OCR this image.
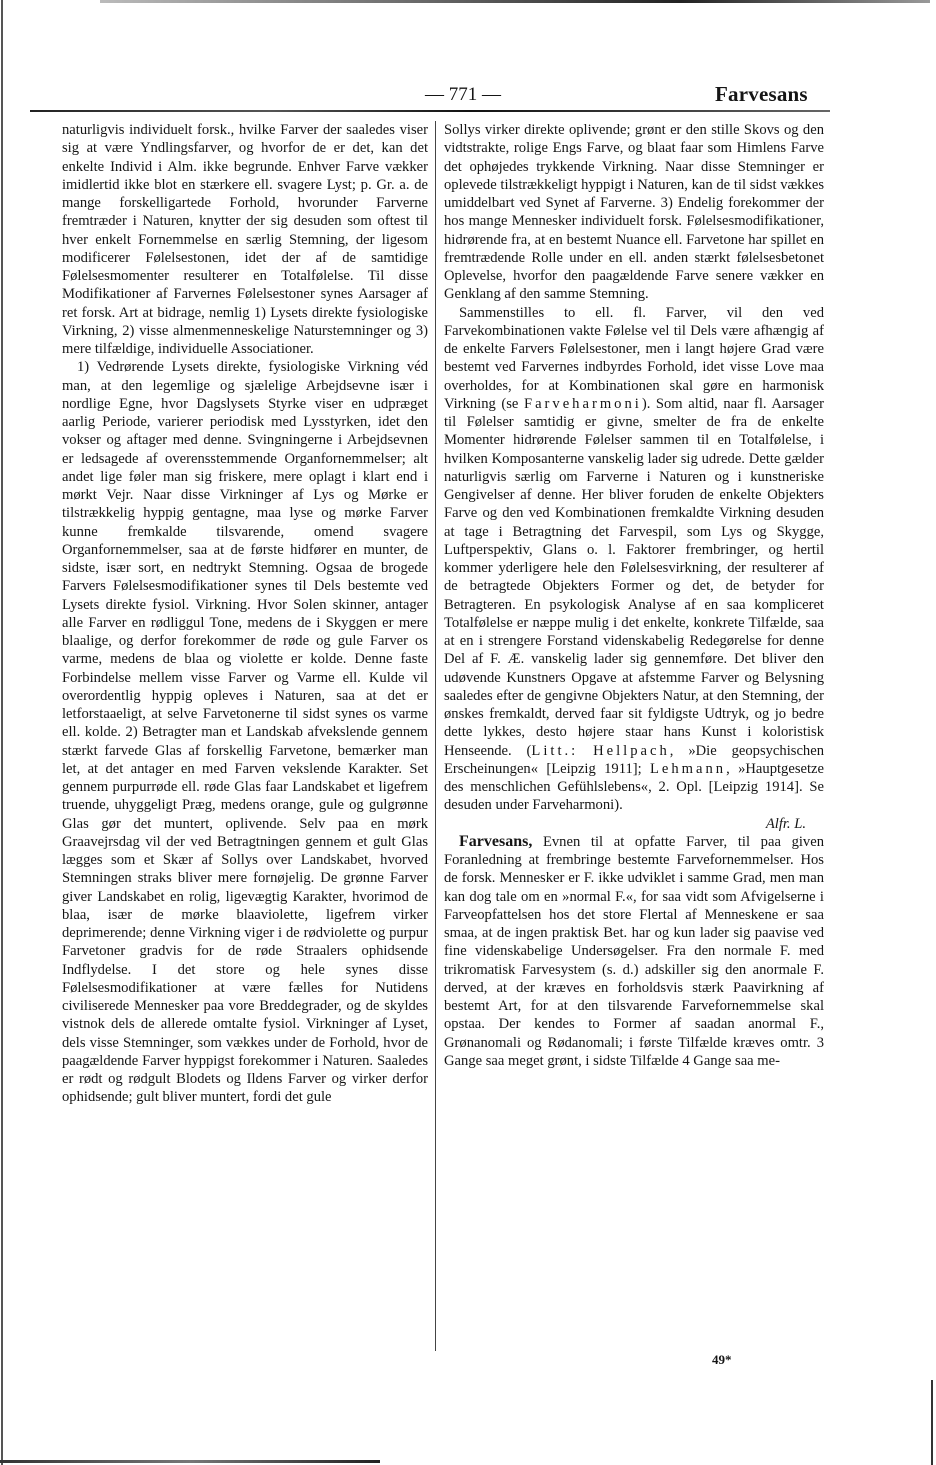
— 771 —	Farvesans

naturligvis individuelt forsk., hvilke Farver der saaledes viser sig at være Yndlingsfarver, og hvorfor de er det, kan det enkelte Individ i Alm. ikke begrunde. Enhver Farve vækker imidlertid ikke blot en stærkere ell. svagere Lyst; p. Gr. a. de mange forskelligartede Forhold, hvorunder Farverne fremtræder i Naturen, knytter der sig desuden som oftest til hver enkelt Fornemmelse en særlig Stemning, der ligesom modificerer Følelsestonen, idet der af de samtidige Følelsesmomenter resulterer en Totalfølelse. Til disse Modifikationer af Farvernes Følelsestoner synes Aarsager af ret forsk. Art at bidrage, nemlig 1) Lysets direkte fysiologiske Virkning, 2) visse almenmenneskelige Naturstemninger og 3) mere tilfældige, individuelle Associationer.

1) Vedrørende Lysets direkte, fysiologiske Virkning véd man, at den legemlige og sjælelige Arbejdsevne især i nordlige Egne, hvor Dagslysets Styrke viser en udpræget aarlig Periode, varierer periodisk med Lysstyrken, idet den vokser og aftager med denne. Svingningerne i Arbejdsevnen er ledsagede af overensstemmende Organfornemmelser; alt andet lige føler man sig friskere, mere oplagt i klart end i mørkt Vejr. Naar disse Virkninger af Lys og Mørke er tilstrækkelig hyppig gentagne, maa lyse og mørke Farver kunne fremkalde tilsvarende, omend svagere Organfornemmelser, saa at de første hidfører en munter, de sidste, især sort, en nedtrykt Stemning. Ogsaa de brogede Farvers Følelsesmodifikationer synes til Dels bestemte ved Lysets direkte fysiol. Virkning. Hvor Solen skinner, antager alle Farver en rødliggul Tone, medens de i Skyggen er mere blaalige, og derfor forekommer de røde og gule Farver os varme, medens de blaa og violette er kolde. Denne faste Forbindelse mellem visse Farver og Varme ell. Kulde vil overordentlig hyppig opleves i Naturen, saa at det er letforstaaeligt, at selve Farvetonerne til sidst synes os varme ell. kolde. 2) Betragter man et Landskab afvekslende gennem stærkt farvede Glas af forskellig Farvetone, bemærker man let, at det antager en med Farven vekslende Karakter. Set gennem purpurrøde ell. røde Glas faar Landskabet et ligefrem truende, uhyggeligt Præg, medens orange, gule og gulgrønne Glas gør det muntert, oplivende. Selv paa en mørk Graavejrsdag vil der ved Betragtningen gennem et gult Glas lægges som et Skær af Sollys over Landskabet, hvorved Stemningen straks bliver mere fornøjelig. De grønne Farver giver Landskabet en rolig, ligevægtig Karakter, hvorimod de blaa, især de mørke blaaviolette, ligefrem virker deprimerende; denne Virkning viger i de rødviolette og purpur Farvetoner gradvis for de røde Straalers ophidsende Indflydelse. I det store og hele synes disse Følelsesmodifikationer at være fælles for Nutidens civiliserede Mennesker paa vore Breddegrader, og de skyldes vistnok dels de allerede omtalte fysiol. Virkninger af Lyset, dels visse Stemninger, som vækkes under de Forhold, hvor de paagældende Farver hyppigst forekommer i Naturen. Saaledes er rødt og rødgult Blodets og Ildens Farver og virker derfor ophidsende; gult bliver muntert, fordi det gule

Sollys virker direkte oplivende; grønt er den stille Skovs og den vidtstrakte, rolige Engs Farve, og blaat faar som Himlens Farve det ophøjedes trykkende Virkning. Naar disse Stemninger er oplevede tilstrækkeligt hyppigt i Naturen, kan de til sidst vækkes umiddelbart ved Synet af Farverne. 3) Endelig forekommer der hos mange Mennesker individuelt forsk. Følelsesmodifikationer, hidrørende fra, at en bestemt Nuance ell. Farvetone har spillet en fremtrædende Rolle under en ell. anden stærkt følelsesbetonet Oplevelse, hvorfor den paagældende Farve senere vækker en Genklang af den samme Stemning.

Sammenstilles to ell. fl. Farver, vil den ved Farvekombinationen vakte Følelse vel til Dels være afhængig af de enkelte Farvers Følelsestoner, men i langt højere Grad være bestemt ved Farvernes indbyrdes Forhold, idet visse Love maa overholdes, for at Kombinationen skal gøre en harmonisk Virkning (se Farveharmoni). Som altid, naar fl. Aarsager til Følelser samtidig er givne, smelter de fra de enkelte Momenter hidrørende Følelser sammen til en Totalfølelse, i hvilken Komposanterne vanskelig lader sig udrede. Dette gælder naturligvis særlig om Farverne i Naturen og i kunstneriske Gengivelser af denne. Her bliver foruden de enkelte Objekters Farve og den ved Kombinationen fremkaldte Virkning desuden at tage i Betragtning det Farvespil, som Lys og Skygge, Luftperspektiv, Glans o. l. Faktorer frembringer, og hertil kommer yderligere hele den Følelsesvirkning, der resulterer af de betragtede Objekters Former og det, de betyder for Betragteren. En psykologisk Analyse af en saa kompliceret Totalfølelse er næppe mulig i det enkelte, konkrete Tilfælde, saa at en i strengere Forstand videnskabelig Redegørelse for denne Del af F. Æ. vanskelig lader sig gennemføre. Det bliver den udøvende Kunstners Opgave at afstemme Farver og Belysning saaledes efter de gengivne Objekters Natur, at den Stemning, der ønskes fremkaldt, derved faar sit fyldigste Udtryk, og jo bedre dette lykkes, desto højere staar hans Kunst i koloristisk Henseende. (Litt.: Hellpach, »Die geopsychischen Erscheinungen« [Leipzig 1911]; Lehmann, »Hauptgesetze des menschlichen Gefühlslebens«, 2. Opl. [Leipzig 1914]. Se desuden under Farveharmoni).

Alfr. L.

Farvesans, Evnen til at opfatte Farver, til paa given Foranledning at frembringe bestemte Farvefornemmelser. Hos de forsk. Mennesker er F. ikke udviklet i samme Grad, men man kan dog tale om en »normal F.«, for saa vidt som Afvigelserne i Farveopfattelsen hos det store Flertal af Menneskene er saa smaa, at de ingen praktisk Bet. har og kun lader sig paavise ved fine videnskabelige Undersøgelser. Fra den normale F. med trikromatisk Farvesystem (s. d.) adskiller sig den anormale F. derved, at der kræves en forholdsvis stærk Paavirkning af bestemt Art, for at den tilsvarende Farvefornemmelse skal opstaa. Der kendes to Former af saadan anormal F., Grønanomali og Rødanomali; i første Tilfælde kræves omtr. 3 Gange saa meget grønt, i sidste Tilfælde 4 Gange saa me-

49*
